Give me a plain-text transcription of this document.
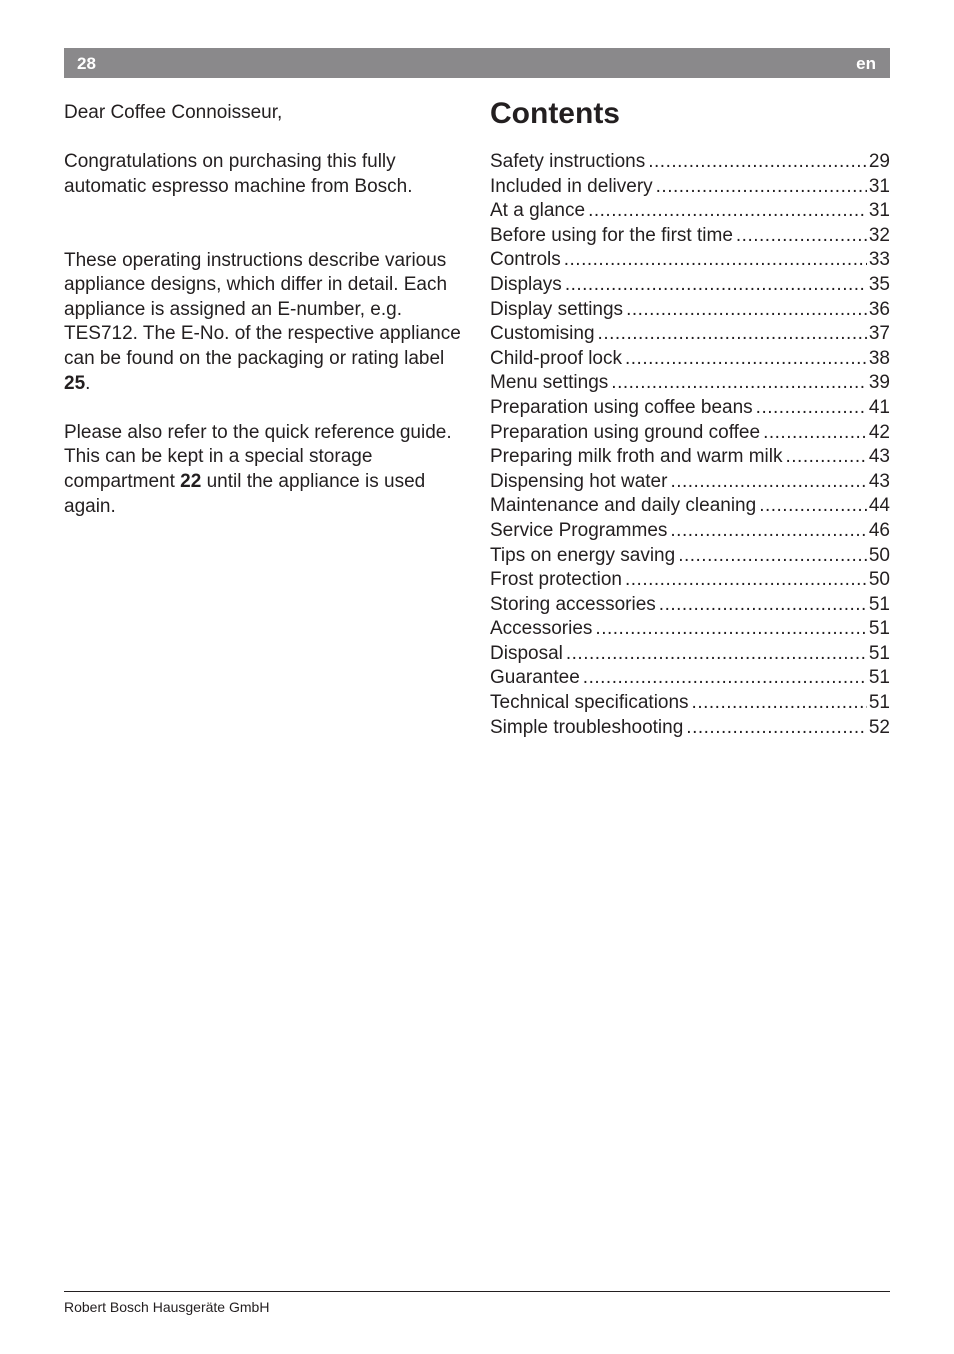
28	en

Dear Coffee Connoisseur,

Congratulations on purchasing this fully automatic espresso machine from Bosch.

These operating instructions describe various appliance designs, which differ in detail. Each appliance is assigned an E-number, e.g. TES712. The E-No. of the respective appliance can be found on the packaging or rating label 25.

Please also refer to the quick reference guide. This can be kept in a special storage compartment 22 until the appliance is used again.

Contents
Safety instructions .....	29
Included in delivery .....	31
At a glance .....	31
Before using for the first time .....	32
Controls .....	33
Displays .....	35
Display settings .....	36
Customising .....	37
Child-proof lock .....	38
Menu settings .....	39
Preparation using coffee beans .....	41
Preparation using ground coffee .....	42
Preparing milk froth and warm milk .....	43
Dispensing hot water .....	43
Maintenance and daily cleaning .....	44
Service Programmes .....	46
Tips on energy saving .....	50
Frost protection .....	50
Storing accessories .....	51
Accessories .....	51
Disposal .....	51
Guarantee .....	51
Technical specifications .....	51
Simple troubleshooting .....	52
Robert Bosch Hausgeräte GmbH
